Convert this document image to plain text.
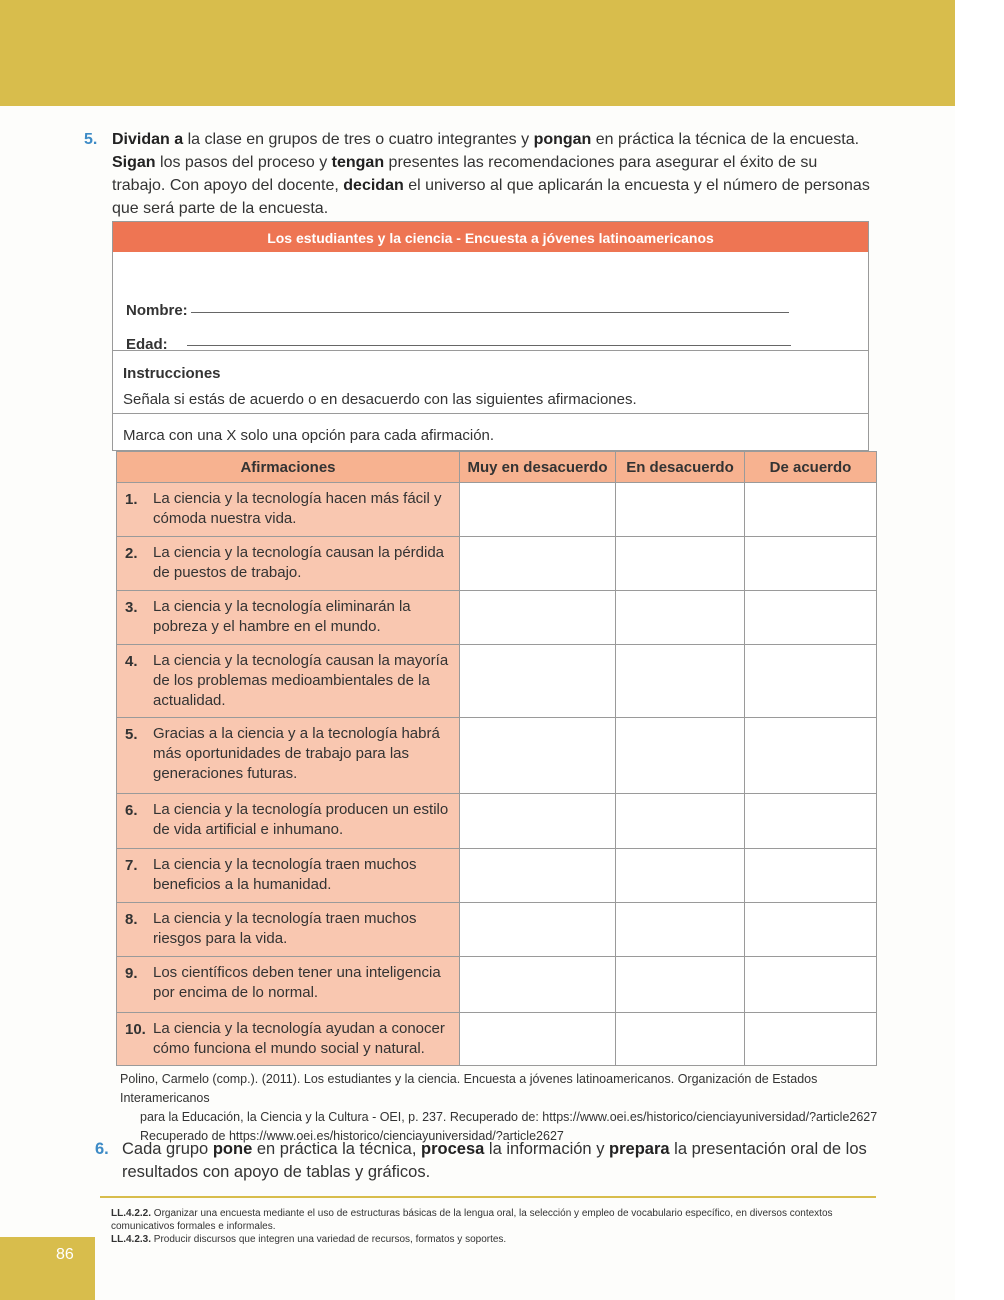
5. Dividan a la clase en grupos de tres o cuatro integrantes y pongan en práctica la técnica de la encuesta. Sigan los pasos del proceso y tengan presentes las recomendaciones para asegurar el éxito de su trabajo. Con apoyo del docente, decidan el universo al que aplicarán la encuesta y el número de personas que será parte de la encuesta.
Los estudiantes y la ciencia - Encuesta a jóvenes latinoamericanos
Nombre:
Edad:
Instrucciones
Señala si estás de acuerdo o en desacuerdo con las siguientes afirmaciones.
Marca con una X solo una opción para cada afirmación.
Afirmaciones	Muy en desacuerdo	En desacuerdo	De acuerdo

1. La ciencia y la tecnología hacen más fácil y cómoda nuestra vida.			

2. La ciencia y la tecnología causan la pérdida de puestos de trabajo.			

3. La ciencia y la tecnología eliminarán la pobreza y el hambre en el mundo.			

4. La ciencia y la tecnología causan la mayoría de los problemas medioambientales de la actualidad.			

5. Gracias a la ciencia y a la tecnología habrá más oportunidades de trabajo para las generaciones futuras.			

6. La ciencia y la tecnología producen un estilo de vida artificial e inhumano.			

7. La ciencia y la tecnología traen muchos beneficios a la humanidad.			

8. La ciencia y la tecnología traen muchos riesgos para la vida.			

9. Los científicos deben tener una inteligencia por encima de lo normal.			

10. La ciencia y la tecnología ayudan a conocer cómo funciona el mundo social y natural.			
Polino, Carmelo (comp.). (2011). Los estudiantes y la ciencia. Encuesta a jóvenes latinoamericanos. Organización de Estados Interamericanos
para la Educación, la Ciencia y la Cultura - OEI, p. 237. Recuperado de: https://www.oei.es/historico/cienciayuniversidad/?article2627
Recuperado de https://www.oei.es/historico/cienciayuniversidad/?article2627
6. Cada grupo pone en práctica la técnica, procesa la información y prepara la presentación oral de los resultados con apoyo de tablas y gráficos.
LL.4.2.2. Organizar una encuesta mediante el uso de estructuras básicas de la lengua oral, la selección y empleo de vocabulario específico, en diversos contextos comunicativos formales e informales.
LL.4.2.3. Producir discursos que integren una variedad de recursos, formatos y soportes.
86
